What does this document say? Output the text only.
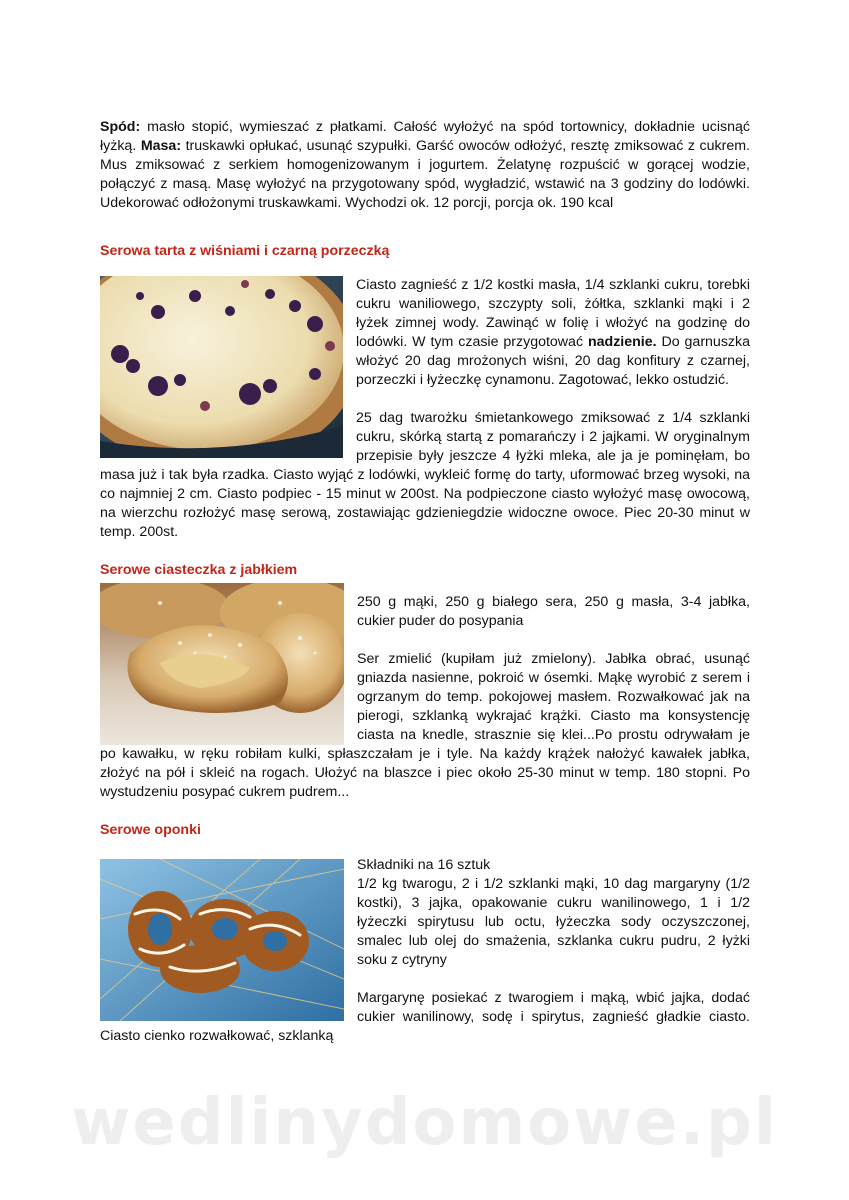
Spód: masło stopić, wymieszać z płatkami. Całość wyłożyć na spód tortownicy, dokładnie ucisnąć łyżką. Masa: truskawki opłukać, usunąć szypułki. Garść owoców odłożyć, resztę zmiksować z cukrem. Mus zmiksować z serkiem homogenizowanym i jogurtem. Żelatynę rozpuścić w gorącej wodzie, połączyć z masą. Masę wyłożyć na przygotowany spód, wygładzić, wstawić na 3 godziny do lodówki. Udekorować odłożonymi truskawkami. Wychodzi ok. 12 porcji, porcja ok. 190 kcal

Serowa tarta z wiśniami i czarną porzeczką

Ciasto zagnieść z 1/2 kostki masła, 1/4 szklanki cukru, torebki cukru waniliowego, szczypty soli, żółtka, szklanki mąki i 2 łyżek zimnej wody. Zawinąć w folię i włożyć na godzinę do lodówki. W tym czasie przygotować nadzienie. Do garnuszka włożyć 20 dag mrożonych wiśni, 20 dag konfitury z czarnej, porzeczki i łyżeczkę cynamonu. Zagotować, lekko ostudzić.

25 dag twarożku śmietankowego zmiksować z 1/4 szklanki cukru, skórką startą z pomarańczy i 2 jajkami. W oryginalnym przepisie były jeszcze 4 łyżki mleka, ale ja je pominęłam, bo masa już i tak była rzadka. Ciasto wyjąć z lodówki, wykleić formę do tarty, uformować brzeg wysoki, na co najmniej 2 cm. Ciasto podpiec - 15 minut w 200st. Na podpieczone ciasto wyłożyć masę owocową, na wierzchu rozłożyć masę serową, zostawiając gdzieniegdzie widoczne owoce. Piec 20-30 minut w temp. 200st.

Serowe ciasteczka z jabłkiem

250 g mąki, 250 g białego sera, 250 g masła, 3-4 jabłka, cukier puder do posypania

Ser zmielić (kupiłam już zmielony). Jabłka obrać, usunąć gniazda nasienne, pokroić w ósemki. Mąkę wyrobić z serem i ogrzanym do temp. pokojowej masłem. Rozwałkować jak na pierogi, szklanką wykrajać krążki. Ciasto ma konsystencję ciasta na knedle, strasznie się klei...Po prostu odrywałam je po kawałku, w ręku robiłam kulki, spłaszczałam je i tyle. Na każdy krążek nałożyć kawałek jabłka, złożyć na pół i skleić na rogach. Ułożyć na blaszce i piec około 25-30 minut w temp. 180 stopni. Po wystudzeniu posypać cukrem pudrem...

Serowe oponki

Składniki na 16 sztuk
1/2 kg twarogu, 2 i 1/2 szklanki mąki, 10 dag margaryny (1/2 kostki), 3 jajka, opakowanie cukru wanilinowego, 1 i 1/2 łyżeczki spirytusu lub octu, łyżeczka sody oczyszczonej, smalec lub olej do smażenia, szklanka cukru pudru, 2 łyżki soku z cytryny

Margarynę posiekać z twarogiem i mąką, wbić jajka, dodać cukier wanilinowy, sodę i spirytus, zagnieść gładkie ciasto. Ciasto cienko rozwałkować, szklanką

wedlinydomowe.pl
